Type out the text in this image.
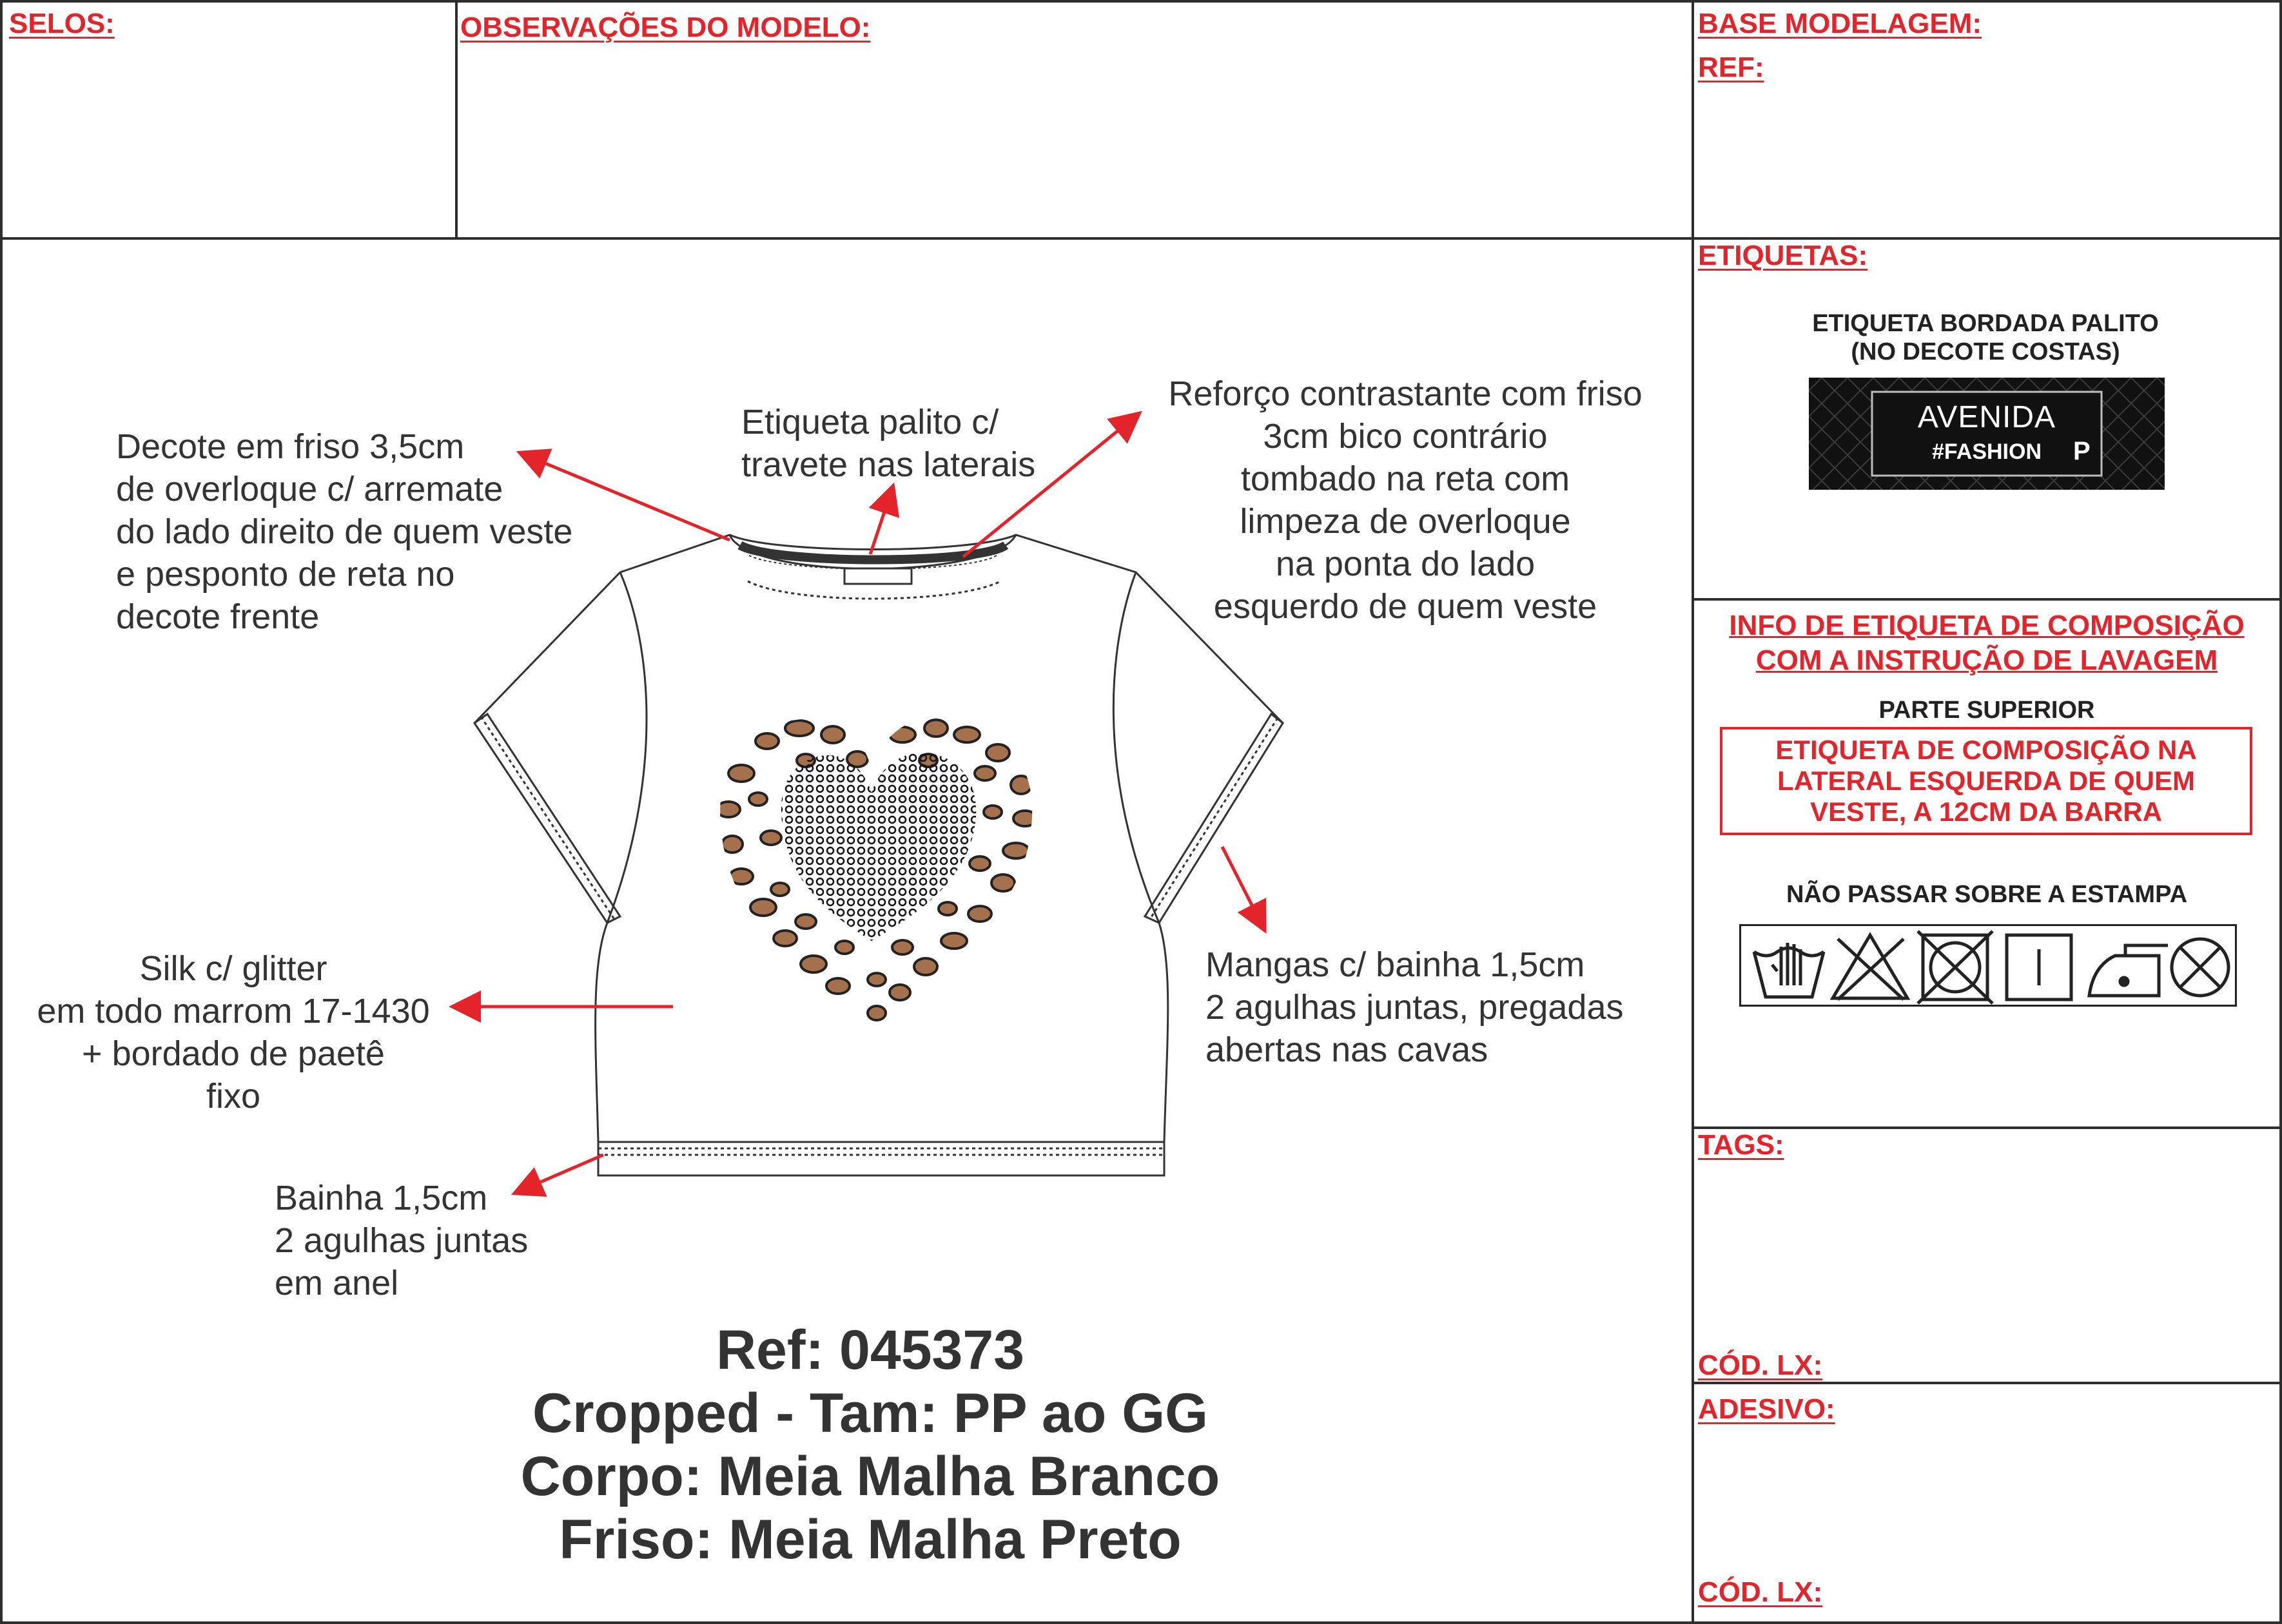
SELOS:	OBSERVAÇÕES DO MODELO:	BASE MODELAGEM:
REF:
ETIQUETAS:
ETIQUETA BORDADA PALITO
(NO DECOTE COSTAS)
AVENIDA
#FASHION	P
INFO DE ETIQUETA DE COMPOSIÇÃO
COM A INSTRUÇÃO DE LAVAGEM
PARTE SUPERIOR
ETIQUETA DE COMPOSIÇÃO NA
LATERAL ESQUERDA DE QUEM
VESTE, A 12CM DA BARRA
NÃO PASSAR SOBRE A ESTAMPA
TAGS:
CÓD. LX:
ADESIVO:
CÓD. LX:
Decote em friso 3,5cm
de overloque c/ arremate
do lado direito de quem veste
e pesponto de reta no
decote frente
Etiqueta palito c/
travete nas laterais
Reforço contrastante com friso
3cm bico contrário
tombado na reta com
limpeza de overloque
na ponta do lado
esquerdo de quem veste
Silk c/ glitter
em todo marrom 17-1430
+ bordado de paetê
fixo
Mangas c/ bainha 1,5cm
2 agulhas juntas, pregadas
abertas nas cavas
Bainha 1,5cm
2 agulhas juntas
em anel
Ref: 045373
Cropped - Tam: PP ao GG
Corpo: Meia Malha Branco
Friso: Meia Malha Preto
